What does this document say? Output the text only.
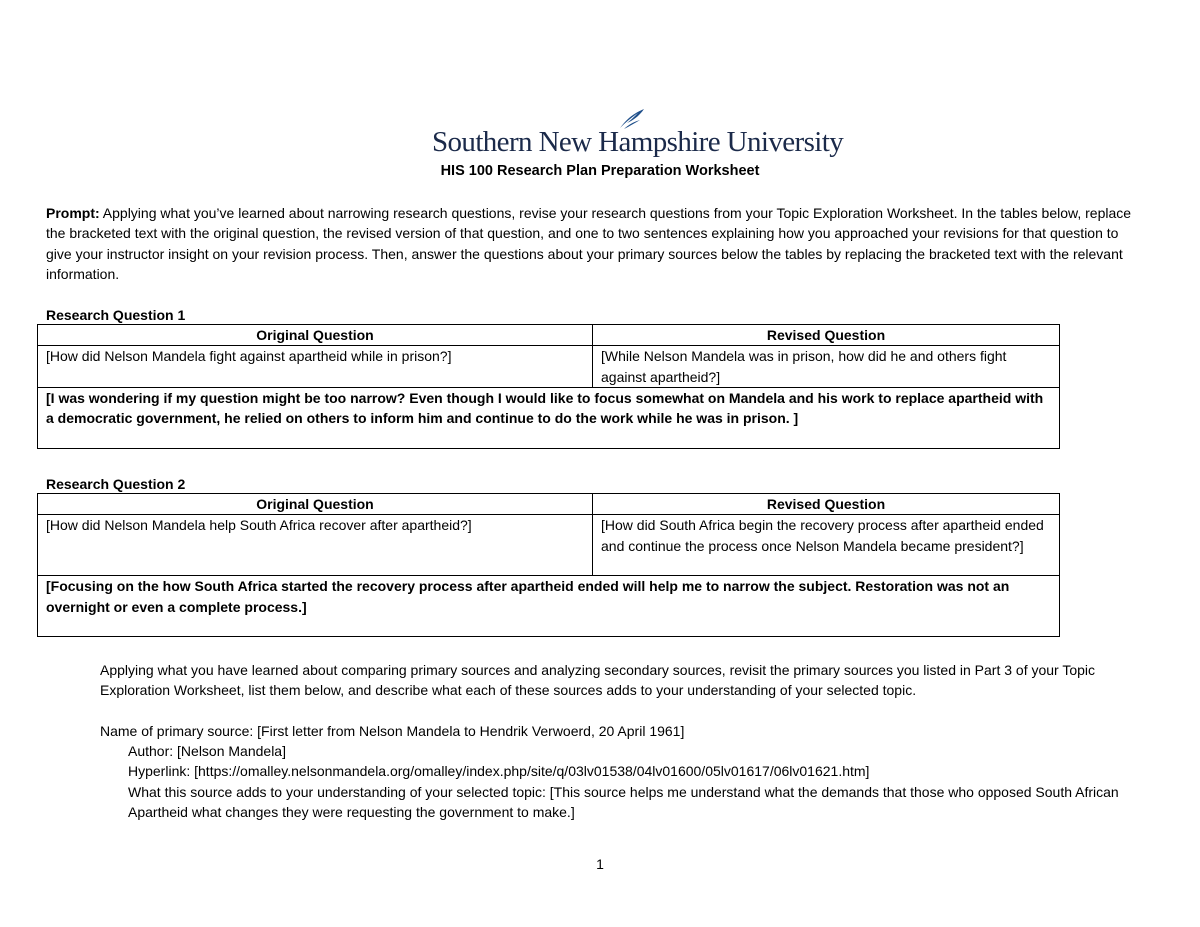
Southern New Hampshire University
HIS 100 Research Plan Preparation Worksheet
Prompt: Applying what you’ve learned about narrowing research questions, revise your research questions from your Topic Exploration Worksheet. In the tables below, replace the bracketed text with the original question, the revised version of that question, and one to two sentences explaining how you approached your revisions for that question to give your instructor insight on your revision process. Then, answer the questions about your primary sources below the tables by replacing the bracketed text with the relevant information.
Research Question 1
Original Question	Revised Question
[How did Nelson Mandela fight against apartheid while in prison?]	[While Nelson Mandela was in prison, how did he and others fight against apartheid?]
[I was wondering if my question might be too narrow? Even though I would like to focus somewhat on Mandela and his work to replace apartheid with a democratic government, he relied on others to inform him and continue to do the work while he was in prison. ]	
Research Question 2
Original Question	Revised Question
[How did Nelson Mandela help South Africa recover after apartheid?]	[How did South Africa begin the recovery process after apartheid ended and continue the process once Nelson Mandela became president?]
[Focusing on the how South Africa started the recovery process after apartheid ended will help me to narrow the subject. Restoration was not an overnight or even a complete process.]	

Applying what you have learned about comparing primary sources and analyzing secondary sources, revisit the primary sources you listed in Part 3 of your Topic Exploration Worksheet, list them below, and describe what each of these sources adds to your understanding of your selected topic.

Name of primary source: [First letter from Nelson Mandela to Hendrik Verwoerd, 20 April 1961]

Author: [Nelson Mandela]

Hyperlink: [https://omalley.nelsonmandela.org/omalley/index.php/site/q/03lv01538/04lv01600/05lv01617/06lv01621.htm]

What this source adds to your understanding of your selected topic: [This source helps me understand what the demands that those who opposed South African Apartheid what changes they were requesting the government to make.]

1
